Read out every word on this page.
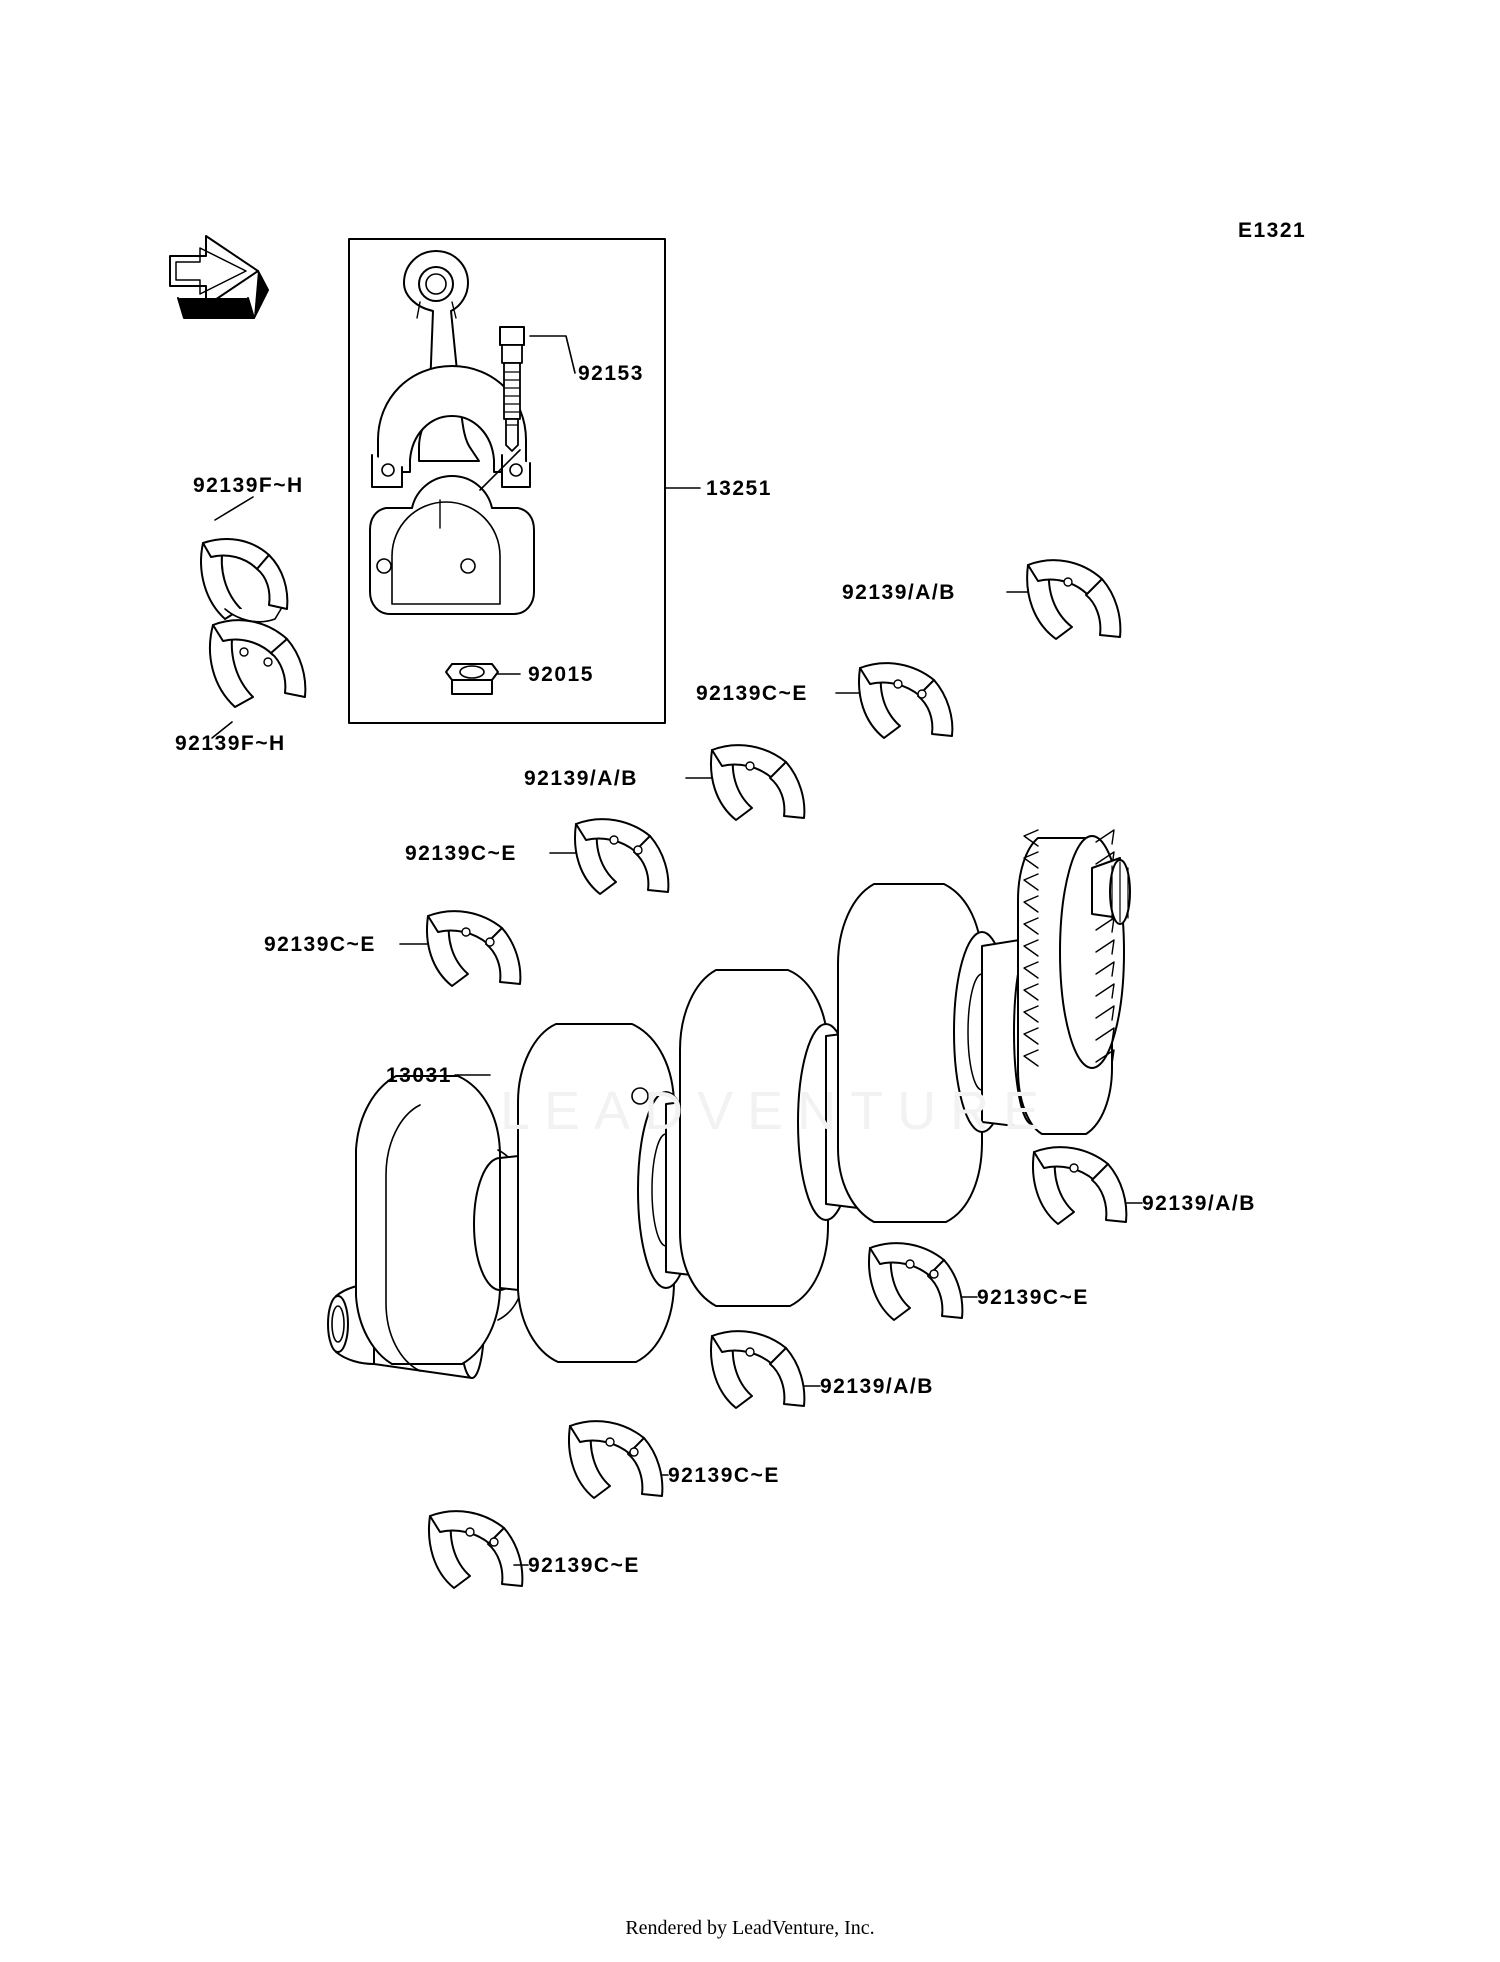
LEADVENTURE
E1321
92153
13251
92139F~H
92139F~H
92015
92139/A/B
92139C~E
92139/A/B
92139C~E
92139C~E
13031
92139/A/B
92139C~E
92139/A/B
92139C~E
92139C~E
Rendered by LeadVenture, Inc.
